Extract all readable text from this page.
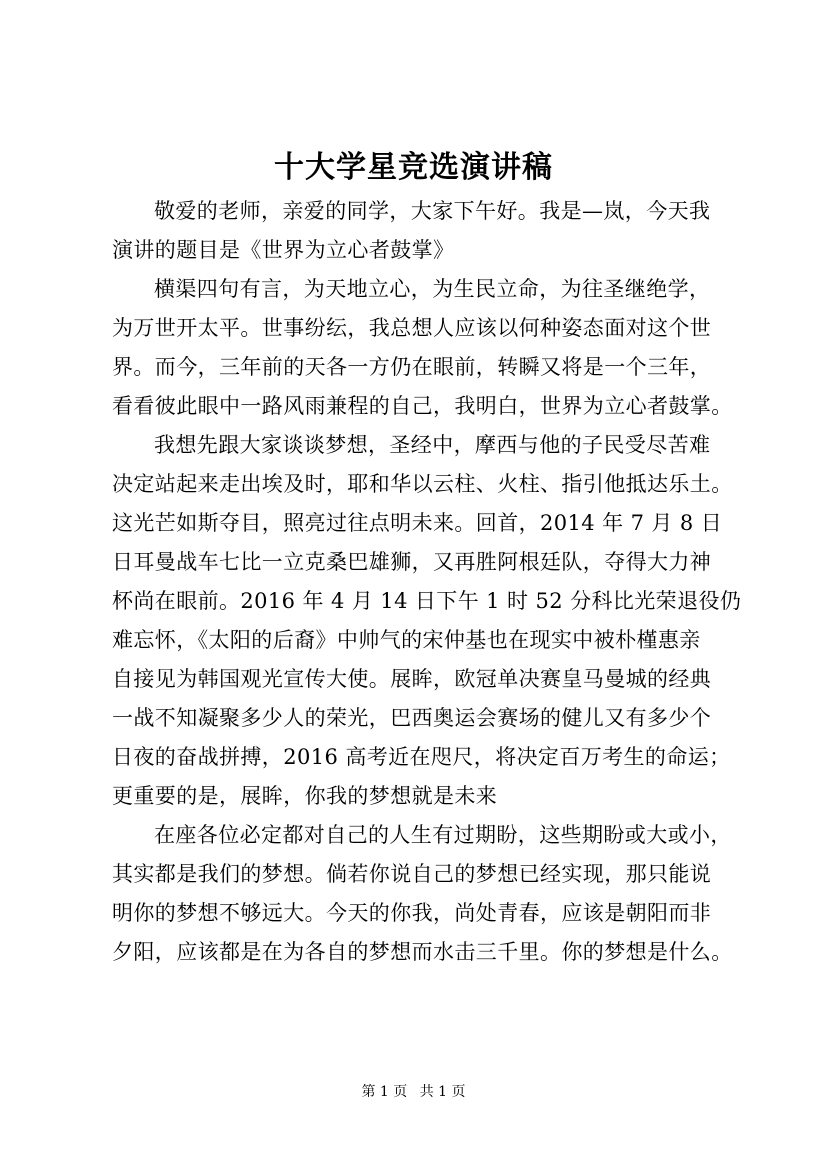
十大学星竞选演讲稿

敬爱的老师，亲爱的同学，大家下午好。我是—岚，今天我
演讲的题目是《世界为立心者鼓掌》

横渠四句有言，为天地立心，为生民立命，为往圣继绝学，
为万世开太平。世事纷纭，我总想人应该以何种姿态面对这个世
界。而今，三年前的天各一方仍在眼前，转瞬又将是一个三年，
看看彼此眼中一路风雨兼程的自己，我明白，世界为立心者鼓掌。

我想先跟大家谈谈梦想，圣经中，摩西与他的子民受尽苦难
决定站起来走出埃及时，耶和华以云柱、火柱、指引他抵达乐土。
这光芒如斯夺目，照亮过往点明未来。回首，2014 年 7 月 8 日
日耳曼战车七比一立克桑巴雄狮，又再胜阿根廷队，夺得大力神
杯尚在眼前。2016 年 4 月 14 日下午 1 时 52 分科比光荣退役仍
难忘怀，《太阳的后裔》中帅气的宋仲基也在现实中被朴槿惠亲
自接见为韩国观光宣传大使。展眸，欧冠单决赛皇马曼城的经典
一战不知凝聚多少人的荣光，巴西奥运会赛场的健儿又有多少个
日夜的奋战拼搏，2016 高考近在咫尺，将决定百万考生的命运；
更重要的是，展眸，你我的梦想就是未来

在座各位必定都对自己的人生有过期盼，这些期盼或大或小，
其实都是我们的梦想。倘若你说自己的梦想已经实现，那只能说
明你的梦想不够远大。今天的你我，尚处青春，应该是朝阳而非
夕阳，应该都是在为各自的梦想而水击三千里。你的梦想是什么。

第 1 页 共 1 页
